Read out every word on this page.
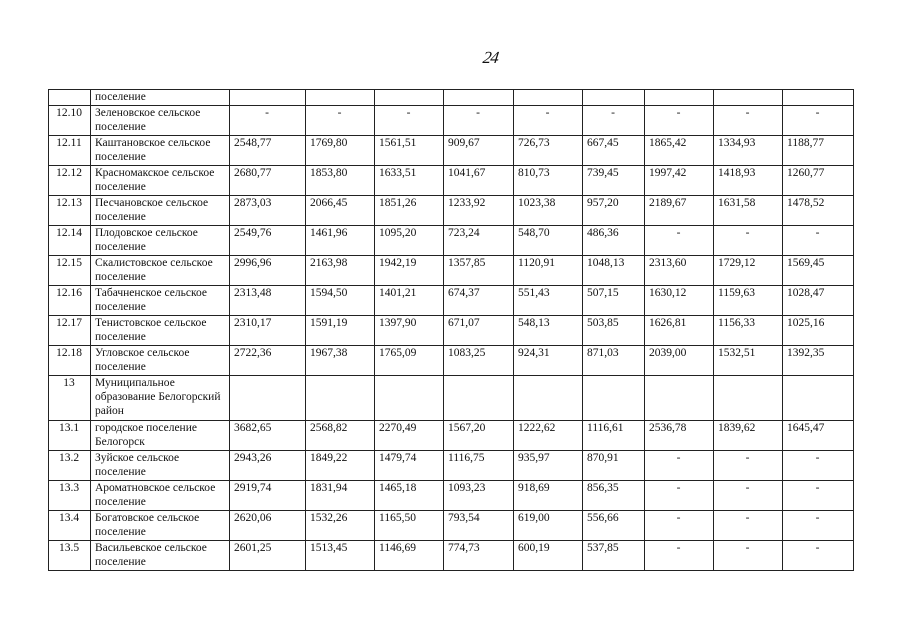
24
	поселение									
12.10	Зеленовское сельское поселение	-	-	-	-	-	-	-	-	-
12.11	Каштановское сельское поселение	2548,77	1769,80	1561,51	909,67	726,73	667,45	1865,42	1334,93	1188,77
12.12	Красномакское сельское поселение	2680,77	1853,80	1633,51	1041,67	810,73	739,45	1997,42	1418,93	1260,77
12.13	Песчановское сельское поселение	2873,03	2066,45	1851,26	1233,92	1023,38	957,20	2189,67	1631,58	1478,52
12.14	Плодовское сельское поселение	2549,76	1461,96	1095,20	723,24	548,70	486,36	-	-	-
12.15	Скалистовское сельское поселение	2996,96	2163,98	1942,19	1357,85	1120,91	1048,13	2313,60	1729,12	1569,45
12.16	Табачненское сельское поселение	2313,48	1594,50	1401,21	674,37	551,43	507,15	1630,12	1159,63	1028,47
12.17	Тенистовское сельское поселение	2310,17	1591,19	1397,90	671,07	548,13	503,85	1626,81	1156,33	1025,16
12.18	Угловское сельское поселение	2722,36	1967,38	1765,09	1083,25	924,31	871,03	2039,00	1532,51	1392,35
13	Муниципальное образование Белогорский район									
13.1	городское поселение Белогорск	3682,65	2568,82	2270,49	1567,20	1222,62	1116,61	2536,78	1839,62	1645,47
13.2	Зуйское сельское поселение	2943,26	1849,22	1479,74	1116,75	935,97	870,91	-	-	-
13.3	Ароматновское сельское поселение	2919,74	1831,94	1465,18	1093,23	918,69	856,35	-	-	-
13.4	Богатовское сельское поселение	2620,06	1532,26	1165,50	793,54	619,00	556,66	-	-	-
13.5	Васильевское сельское поселение	2601,25	1513,45	1146,69	774,73	600,19	537,85	-	-	-
